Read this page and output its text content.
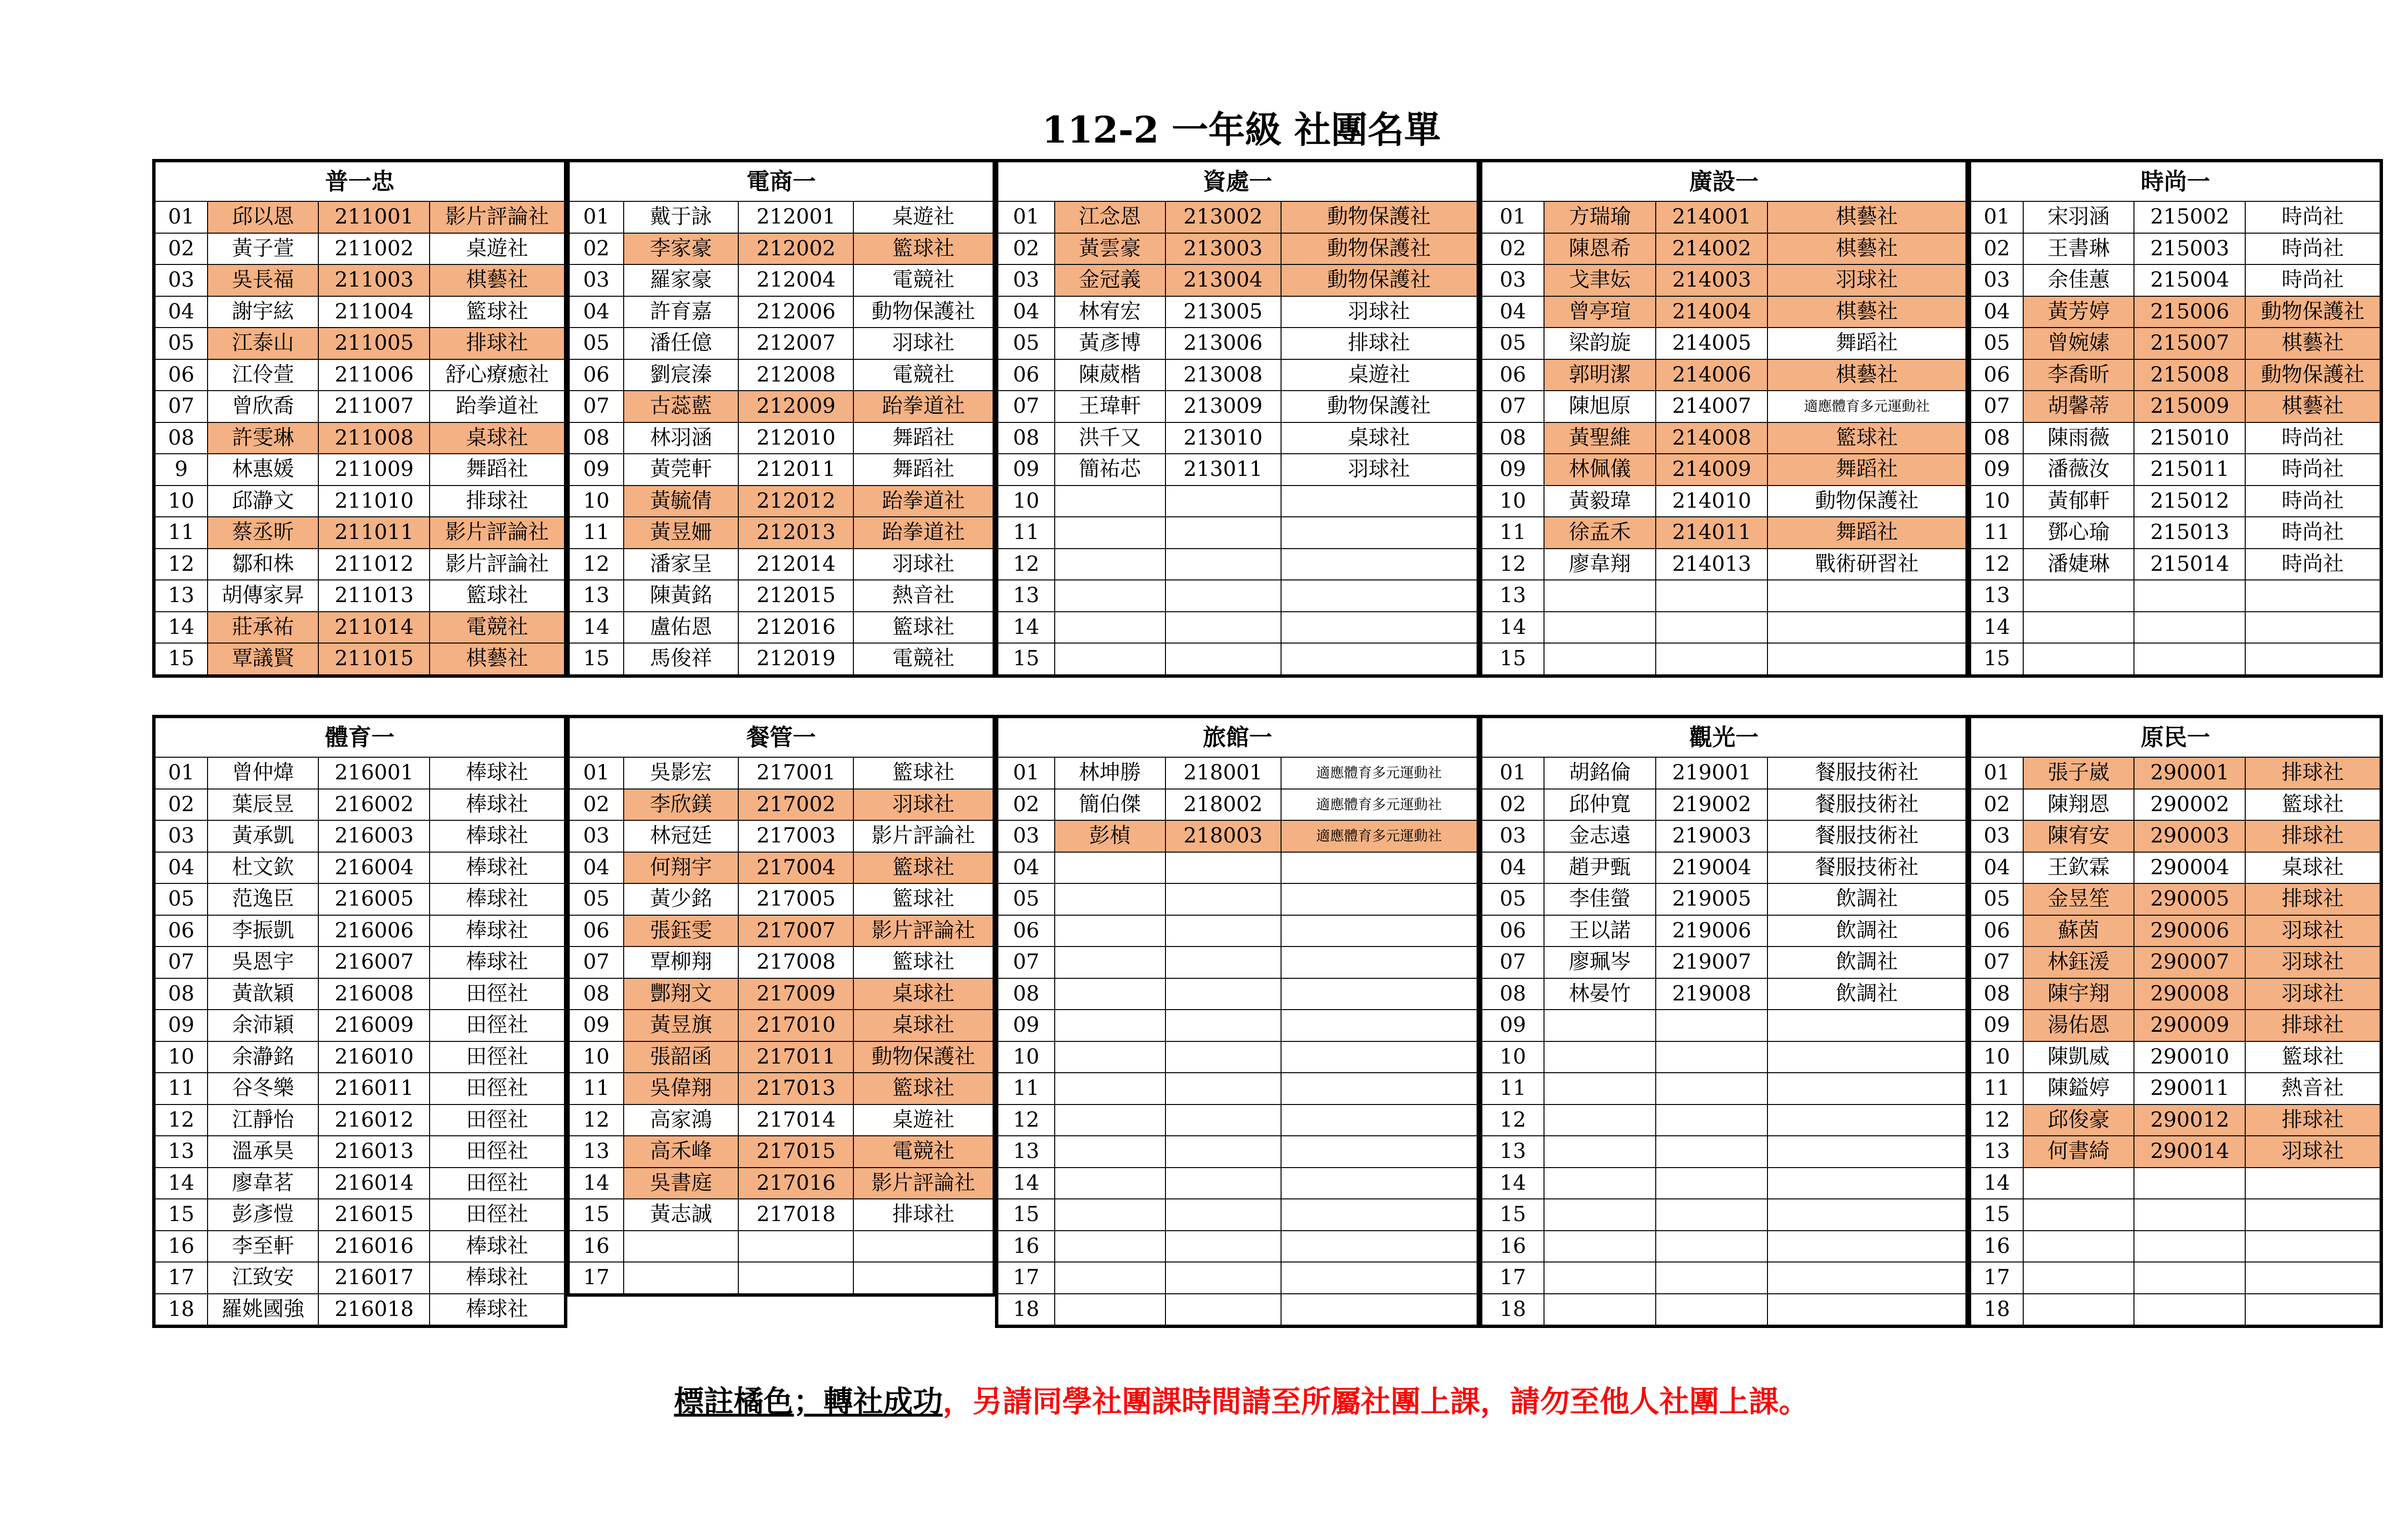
112-2 一年級 社團名單
普一忠			
01	邱以恩	211001	影片評論社
02	黃子萱	211002	桌遊社
03	吳長福	211003	棋藝社
04	謝宇絃	211004	籃球社
05	江泰山	211005	排球社
06	江伶萱	211006	舒心療癒社
07	曾欣喬	211007	跆拳道社
08	許雯琳	211008	桌球社
9	林惠媛	211009	舞蹈社
10	邱瀞文	211010	排球社
11	蔡丞昕	211011	影片評論社
12	鄒和株	211012	影片評論社
13	胡傳家昇	211013	籃球社
14	莊承祐	211014	電競社
15	覃議賢	211015	棋藝社
電商一			
01	戴于詠	212001	桌遊社
02	李家豪	212002	籃球社
03	羅家豪	212004	電競社
04	許育嘉	212006	動物保護社
05	潘任億	212007	羽球社
06	劉宸溱	212008	電競社
07	古蕊藍	212009	跆拳道社
08	林羽涵	212010	舞蹈社
09	黃莞軒	212011	舞蹈社
10	黃毓倩	212012	跆拳道社
11	黃昱姍	212013	跆拳道社
12	潘家呈	212014	羽球社
13	陳黃銘	212015	熱音社
14	盧佑恩	212016	籃球社
15	馬俊祥	212019	電競社
資處一			
01	江念恩	213002	動物保護社
02	黃雲豪	213003	動物保護社
03	金冠義	213004	動物保護社
04	林宥宏	213005	羽球社
05	黃彥博	213006	排球社
06	陳葳楷	213008	桌遊社
07	王瑋軒	213009	動物保護社
08	洪千又	213010	桌球社
09	簡祐芯	213011	羽球社
10			
11			
12			
13			
14			
15			
廣設一			
01	方瑞瑜	214001	棋藝社
02	陳恩希	214002	棋藝社
03	戈聿妘	214003	羽球社
04	曾亭瑄	214004	棋藝社
05	梁韵旋	214005	舞蹈社
06	郭明潔	214006	棋藝社
07	陳旭原	214007	適應體育多元運動社
08	黃聖維	214008	籃球社
09	林佩儀	214009	舞蹈社
10	黃毅瑋	214010	動物保護社
11	徐孟禾	214011	舞蹈社
12	廖韋翔	214013	戰術研習社
13			
14			
15			
時尚一			
01	宋羽涵	215002	時尚社
02	王書琳	215003	時尚社
03	余佳蕙	215004	時尚社
04	黃芳婷	215006	動物保護社
05	曾婉嫊	215007	棋藝社
06	李喬昕	215008	動物保護社
07	胡馨蒂	215009	棋藝社
08	陳雨薇	215010	時尚社
09	潘薇汝	215011	時尚社
10	黃郁軒	215012	時尚社
11	鄧心瑜	215013	時尚社
12	潘婕琳	215014	時尚社
13			
14			
15			
體育一			
01	曾仲煒	216001	棒球社
02	葉辰昱	216002	棒球社
03	黃承凱	216003	棒球社
04	杜文欽	216004	棒球社
05	范逸臣	216005	棒球社
06	李振凱	216006	棒球社
07	吳恩宇	216007	棒球社
08	黃歆穎	216008	田徑社
09	余沛穎	216009	田徑社
10	余瀞銘	216010	田徑社
11	谷冬樂	216011	田徑社
12	江靜怡	216012	田徑社
13	溫承昊	216013	田徑社
14	廖韋茗	216014	田徑社
15	彭彥愷	216015	田徑社
16	李至軒	216016	棒球社
17	江致安	216017	棒球社
18	羅姚國強	216018	棒球社
餐管一			
01	吳影宏	217001	籃球社
02	李欣鎂	217002	羽球社
03	林冠廷	217003	影片評論社
04	何翔宇	217004	籃球社
05	黃少銘	217005	籃球社
06	張鈺雯	217007	影片評論社
07	覃柳翔	217008	籃球社
08	酆翔文	217009	桌球社
09	黃昱旗	217010	桌球社
10	張韶函	217011	動物保護社
11	吳偉翔	217013	籃球社
12	高家鴻	217014	桌遊社
13	高禾峰	217015	電競社
14	吳書庭	217016	影片評論社
15	黃志誠	217018	排球社
16			
17			
旅館一			
01	林坤勝	218001	適應體育多元運動社
02	簡伯傑	218002	適應體育多元運動社
03	彭楨	218003	適應體育多元運動社
04			
05			
06			
07			
08			
09			
10			
11			
12			
13			
14			
15			
16			
17			
18			
觀光一			
01	胡銘倫	219001	餐服技術社
02	邱仲寬	219002	餐服技術社
03	金志遠	219003	餐服技術社
04	趙尹甄	219004	餐服技術社
05	李佳螢	219005	飲調社
06	王以諾	219006	飲調社
07	廖珮岑	219007	飲調社
08	林晏竹	219008	飲調社
09			
10			
11			
12			
13			
14			
15			
16			
17			
18			
原民一			
01	張子崴	290001	排球社
02	陳翔恩	290002	籃球社
03	陳宥安	290003	排球社
04	王欽霖	290004	桌球社
05	金昱笙	290005	排球社
06	蘇茵	290006	羽球社
07	林鈺湲	290007	羽球社
08	陳宇翔	290008	羽球社
09	湯佑恩	290009	排球社
10	陳凱威	290010	籃球社
11	陳鎰婷	290011	熱音社
12	邱俊豪	290012	排球社
13	何書綺	290014	羽球社
14			
15			
16			
17			
18			
標註橘色；轉社成功，另請同學社團課時間請至所屬社團上課，請勿至他人社團上課。
